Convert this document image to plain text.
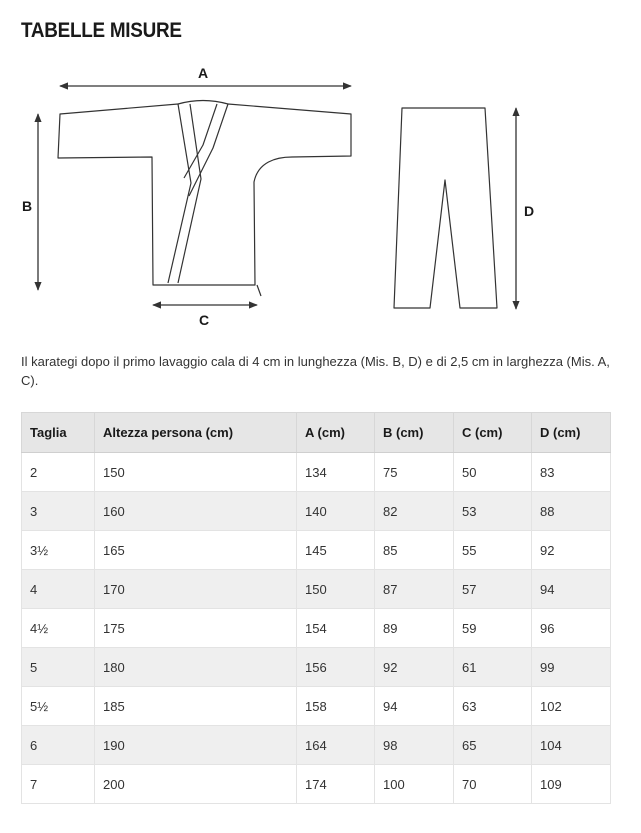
TABELLE MISURE
A
B
C
D

Il karategi dopo il primo lavaggio cala di 4 cm in lunghezza (Mis. B, D) e di 2,5 cm in larghezza (Mis. A, C).

Taglia	Altezza persona (cm)	A (cm)	B (cm)	C (cm)	D (cm)
2	150	134	75	50	83
3	160	140	82	53	88
3½	165	145	85	55	92
4	170	150	87	57	94
4½	175	154	89	59	96
5	180	156	92	61	99
5½	185	158	94	63	102
6	190	164	98	65	104
7	200	174	100	70	109
